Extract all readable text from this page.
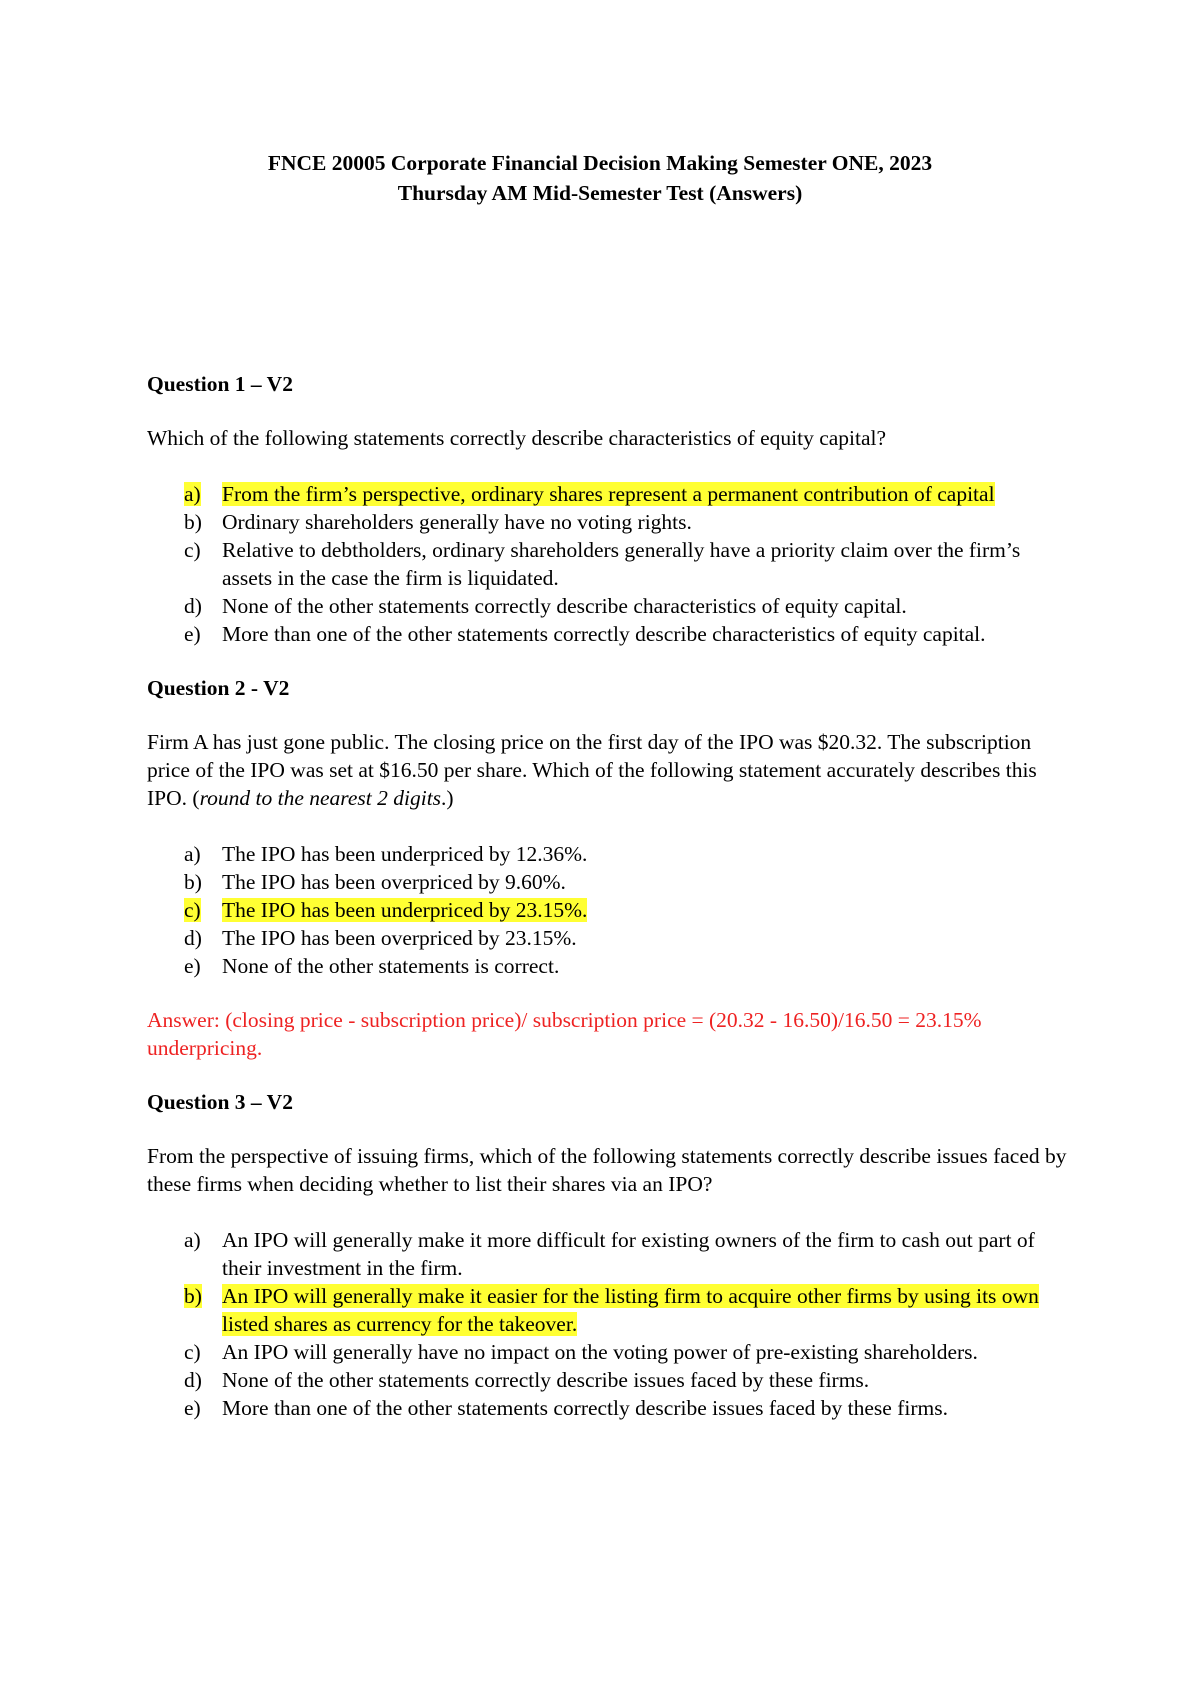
FNCE 20005 Corporate Financial Decision Making Semester ONE, 2023
Thursday AM Mid-Semester Test (Answers)
Question 1 – V2
Which of the following statements correctly describe characteristics of equity capital?
a) From the firm’s perspective, ordinary shares represent a permanent contribution of capital
b) Ordinary shareholders generally have no voting rights.
c) Relative to debtholders, ordinary shareholders generally have a priority claim over the firm’s assets in the case the firm is liquidated.
d) None of the other statements correctly describe characteristics of equity capital.
e) More than one of the other statements correctly describe characteristics of equity capital.
Question 2 - V2
Firm A has just gone public. The closing price on the first day of the IPO was $20.32. The subscription price of the IPO was set at $16.50 per share. Which of the following statement accurately describes this IPO. (round to the nearest 2 digits.)
a) The IPO has been underpriced by 12.36%.
b) The IPO has been overpriced by 9.60%.
c) The IPO has been underpriced by 23.15%.
d) The IPO has been overpriced by 23.15%.
e) None of the other statements is correct.
Answer: (closing price - subscription price)/ subscription price = (20.32 - 16.50)/16.50 = 23.15% underpricing.
Question 3 – V2
From the perspective of issuing firms, which of the following statements correctly describe issues faced by these firms when deciding whether to list their shares via an IPO?
a) An IPO will generally make it more difficult for existing owners of the firm to cash out part of their investment in the firm.
b) An IPO will generally make it easier for the listing firm to acquire other firms by using its own listed shares as currency for the takeover.
c) An IPO will generally have no impact on the voting power of pre-existing shareholders.
d) None of the other statements correctly describe issues faced by these firms.
e) More than one of the other statements correctly describe issues faced by these firms.
